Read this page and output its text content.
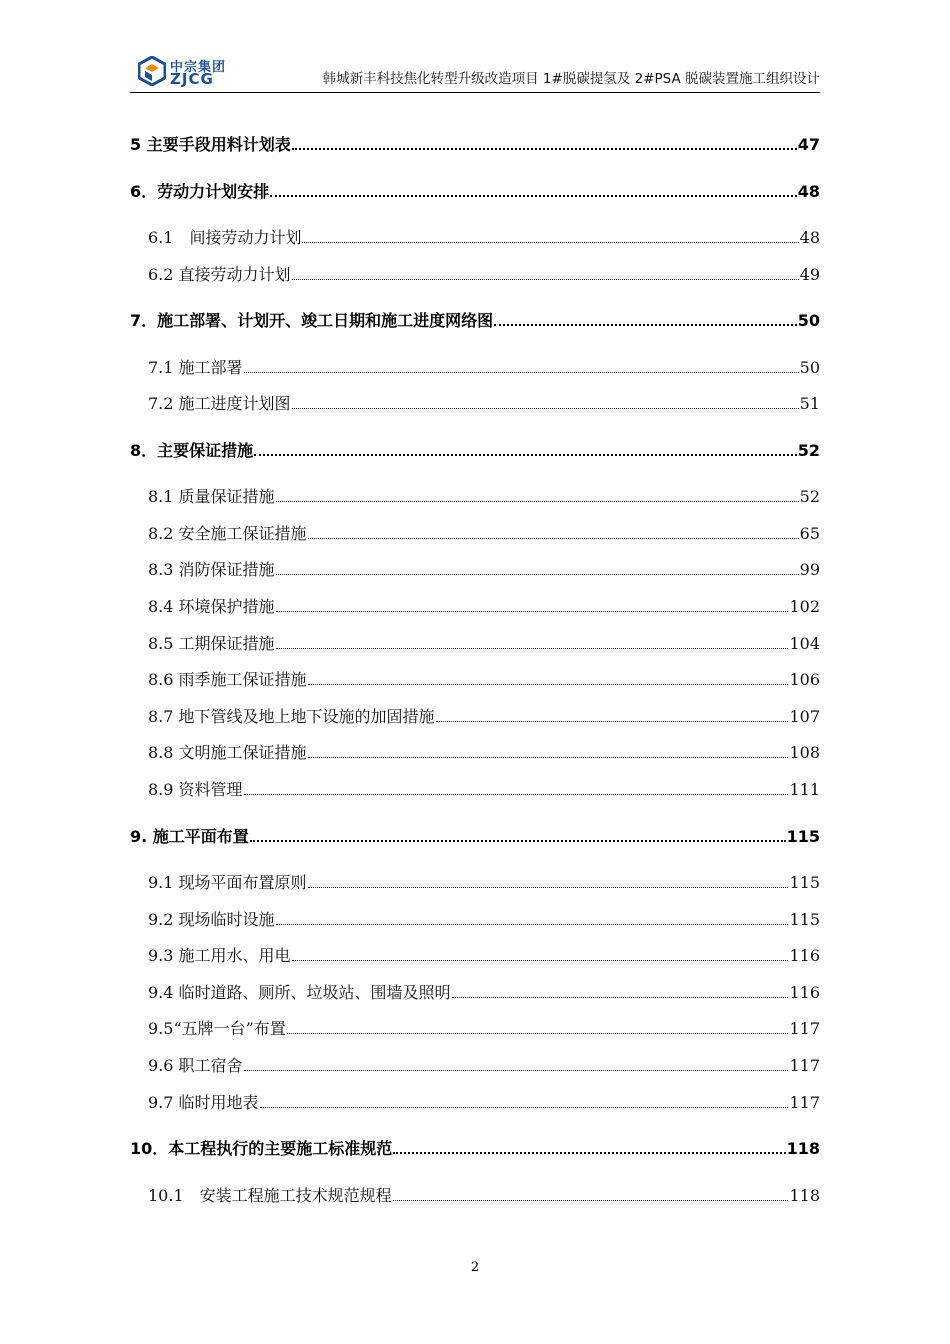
中宗集团
ZJCG	韩城新丰科技焦化转型升级改造项目 1#脱碳提氢及 2#PSA 脱碳装置施工组织设计
5 主要手段用料计划表	47
6．劳动力计划安排	48
6.1　间接劳动力计划	48
6.2 直接劳动力计划	49
7．施工部署、计划开、竣工日期和施工进度网络图	50
7.1 施工部署	50
7.2 施工进度计划图	51
8．主要保证措施	52
8.1 质量保证措施	52
8.2 安全施工保证措施	65
8.3 消防保证措施	99
8.4 环境保护措施	102
8.5 工期保证措施	104
8.6 雨季施工保证措施	106
8.7 地下管线及地上地下设施的加固措施	107
8.8 文明施工保证措施	108
8.9 资料管理	111
9. 施工平面布置	115
9.1 现场平面布置原则	115
9.2 现场临时设施	115
9.3 施工用水、用电	116
9.4 临时道路、厕所、垃圾站、围墙及照明	116
9.5“五牌一台”布置	117
9.6 职工宿舍	117
9.7 临时用地表	117
10．本工程执行的主要施工标准规范	118
10.1　安装工程施工技术规范规程	118
2
